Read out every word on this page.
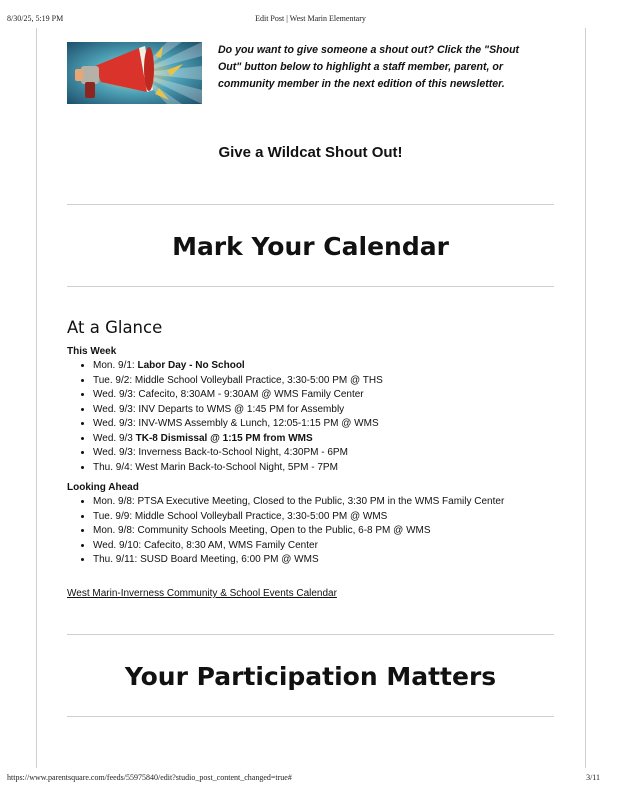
8/30/25, 5:19 PM	Edit Post | West Marin Elementary
Do you want to give someone a shout out? Click the "Shout Out" button below to highlight a staff member, parent, or community member in the next edition of this newsletter.
Give a Wildcat Shout Out!
Mark Your Calendar
At a Glance
This Week
• Mon. 9/1: Labor Day - No School
• Tue. 9/2: Middle School Volleyball Practice, 3:30-5:00 PM @ THS
• Wed. 9/3: Cafecito, 8:30AM - 9:30AM @ WMS Family Center
• Wed. 9/3: INV Departs to WMS @ 1:45 PM for Assembly
• Wed. 9/3: INV-WMS Assembly & Lunch, 12:05-1:15 PM @ WMS
• Wed. 9/3 TK-8 Dismissal @ 1:15 PM from WMS
• Wed. 9/3: Inverness Back-to-School Night, 4:30PM - 6PM
• Thu. 9/4: West Marin Back-to-School Night, 5PM - 7PM
Looking Ahead
• Mon. 9/8: PTSA Executive Meeting, Closed to the Public, 3:30 PM in the WMS Family Center
• Tue. 9/9: Middle School Volleyball Practice, 3:30-5:00 PM @ WMS
• Mon. 9/8: Community Schools Meeting, Open to the Public, 6-8 PM @ WMS
• Wed. 9/10: Cafecito, 8:30 AM, WMS Family Center
• Thu. 9/11: SUSD Board Meeting, 6:00 PM @ WMS
West Marin-Inverness Community & School Events Calendar
Your Participation Matters
https://www.parentsquare.com/feeds/55975840/edit?studio_post_content_changed=true#	3/11
